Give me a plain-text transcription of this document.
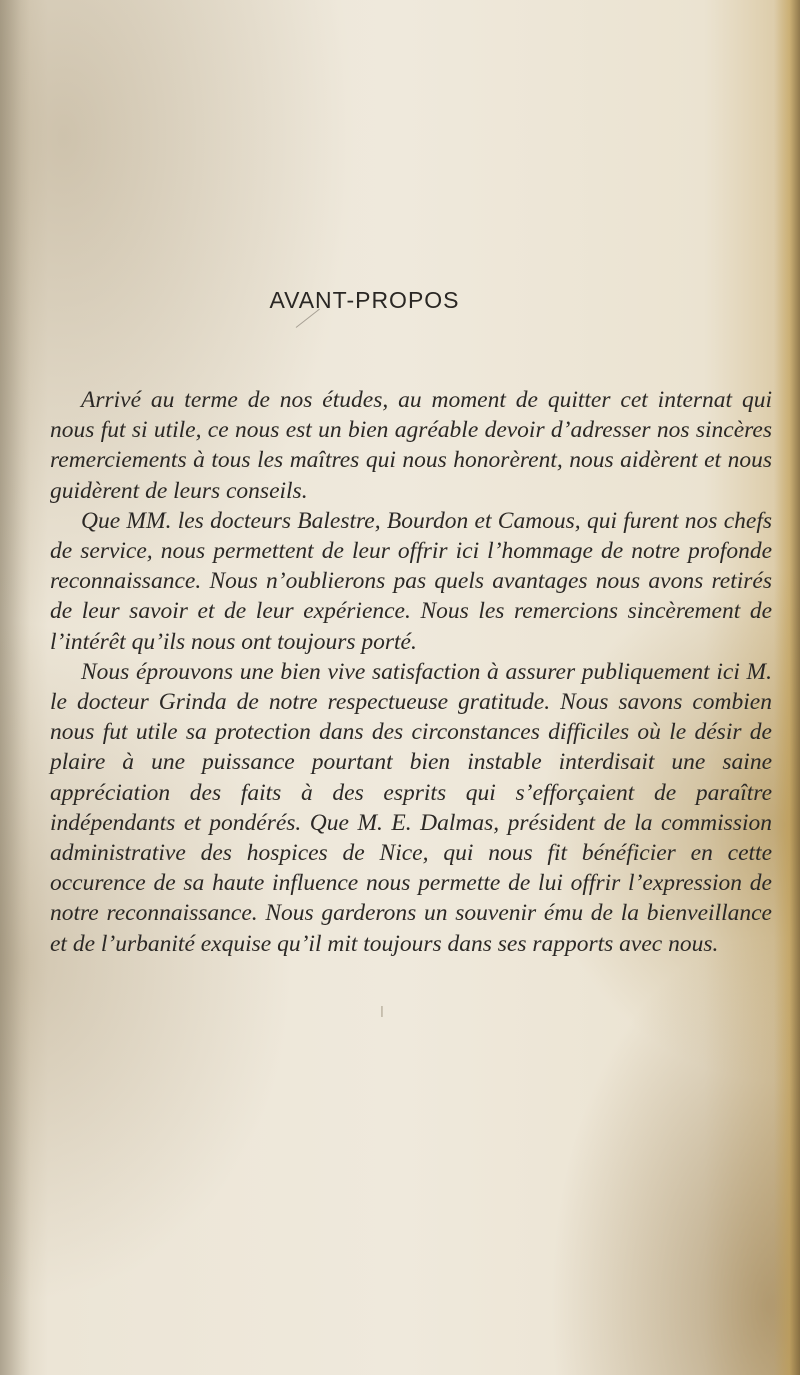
AVANT-PROPOS

Arrivé au terme de nos études, au moment de quitter cet internat qui nous fut si utile, ce nous est un bien agréable devoir d’adresser nos sincères remerciements à tous les maîtres qui nous honorèrent, nous aidèrent et nous guidèrent de leurs conseils.

Que MM. les docteurs Balestre, Bourdon et Camous, qui furent nos chefs de service, nous permettent de leur offrir ici l’hommage de notre profonde reconnaissance. Nous n’oublierons pas quels avantages nous avons retirés de leur savoir et de leur expérience. Nous les remercions sincèrement de l’intérêt qu’ils nous ont toujours porté.

Nous éprouvons une bien vive satisfaction à assurer publiquement ici M. le docteur Grinda de notre respectueuse gratitude. Nous savons combien nous fut utile sa protection dans des circonstances difficiles où le désir de plaire à une puissance pourtant bien instable interdisait une saine appréciation des faits à des esprits qui s’efforçaient de paraître indépendants et pondérés. Que M. E. Dalmas, président de la commission administrative des hospices de Nice, qui nous fit bénéficier en cette occurence de sa haute influence nous permette de lui offrir l’expression de notre reconnaissance. Nous garderons un souvenir ému de la bienveillance et de l’urbanité exquise qu’il mit toujours dans ses rapports avec nous.

l
